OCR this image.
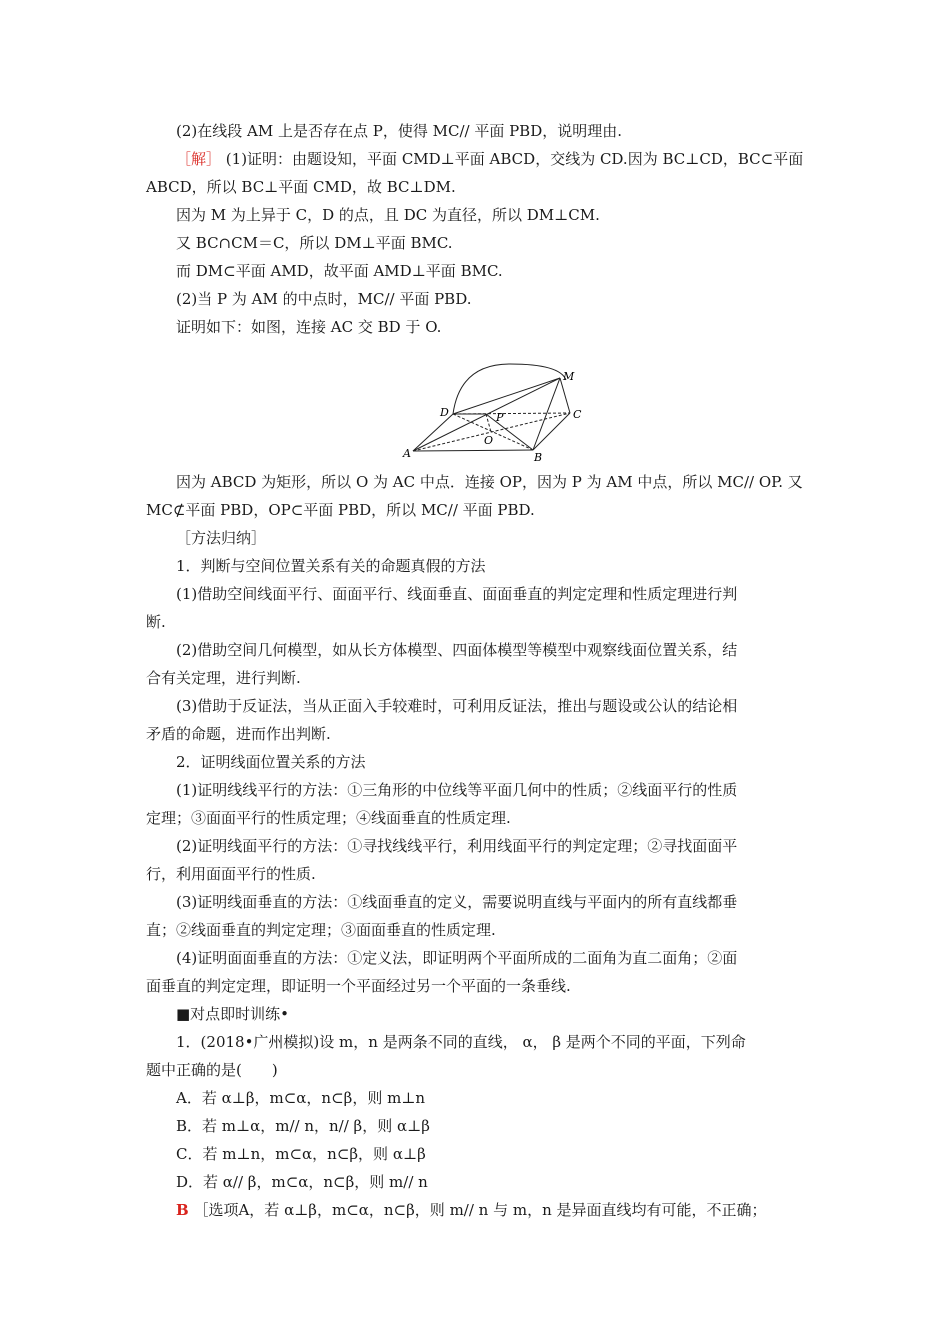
(2)在线段 AM 上是否存在点 P，使得 MC// 平面 PBD，说明理由.
［解］ (1)证明：由题设知，平面 CMD⊥平面 ABCD，交线为 CD.因为 BC⊥CD，BC⊂平面
ABCD，所以 BC⊥平面 CMD，故 BC⊥DM.
因为 M 为上异于 C，D 的点，且 DC 为直径，所以 DM⊥CM.
又 BC∩CM＝C，所以 DM⊥平面 BMC.
而 DM⊂平面 AMD，故平面 AMD⊥平面 BMC.
(2)当 P 为 AM 的中点时，MC// 平面 PBD.
证明如下：如图，连接 AC 交 BD 于 O.
M
D	P	C
O
A	B
因为 ABCD 为矩形，所以 O 为 AC 中点．连接 OP，因为 P 为 AM 中点，所以 MC// OP. 又
MC⊄平面 PBD，OP⊂平面 PBD，所以 MC// 平面 PBD.
［方法归纳］
1．判断与空间位置关系有关的命题真假的方法
(1)借助空间线面平行、面面平行、线面垂直、面面垂直的判定定理和性质定理进行判
断.
(2)借助空间几何模型，如从长方体模型、四面体模型等模型中观察线面位置关系，结
合有关定理，进行判断.
(3)借助于反证法，当从正面入手较难时，可利用反证法，推出与题设或公认的结论相
矛盾的命题，进而作出判断.
2．证明线面位置关系的方法
(1)证明线线平行的方法：①三角形的中位线等平面几何中的性质；②线面平行的性质
定理；③面面平行的性质定理；④线面垂直的性质定理.
(2)证明线面平行的方法：①寻找线线平行，利用线面平行的判定定理；②寻找面面平
行，利用面面平行的性质.
(3)证明线面垂直的方法：①线面垂直的定义，需要说明直线与平面内的所有直线都垂
直；②线面垂直的判定定理；③面面垂直的性质定理.
(4)证明面面垂直的方法：①定义法，即证明两个平面所成的二面角为直二面角；②面
面垂直的判定定理，即证明一个平面经过另一个平面的一条垂线.
■对点即时训练•
1．(2018•广州模拟)设 m，n 是两条不同的直线， α， β 是两个不同的平面，下列命
题中正确的是(　　)
A．若 α⊥β，m⊂α，n⊂β，则 m⊥n
B．若 m⊥α，m// n，n// β，则 α⊥β
C．若 m⊥n，m⊂α，n⊂β，则 α⊥β
D．若 α// β，m⊂α，n⊂β，则 m// n
B ［选项A，若 α⊥β，m⊂α，n⊂β，则 m// n 与 m，n 是异面直线均有可能，不正确；
